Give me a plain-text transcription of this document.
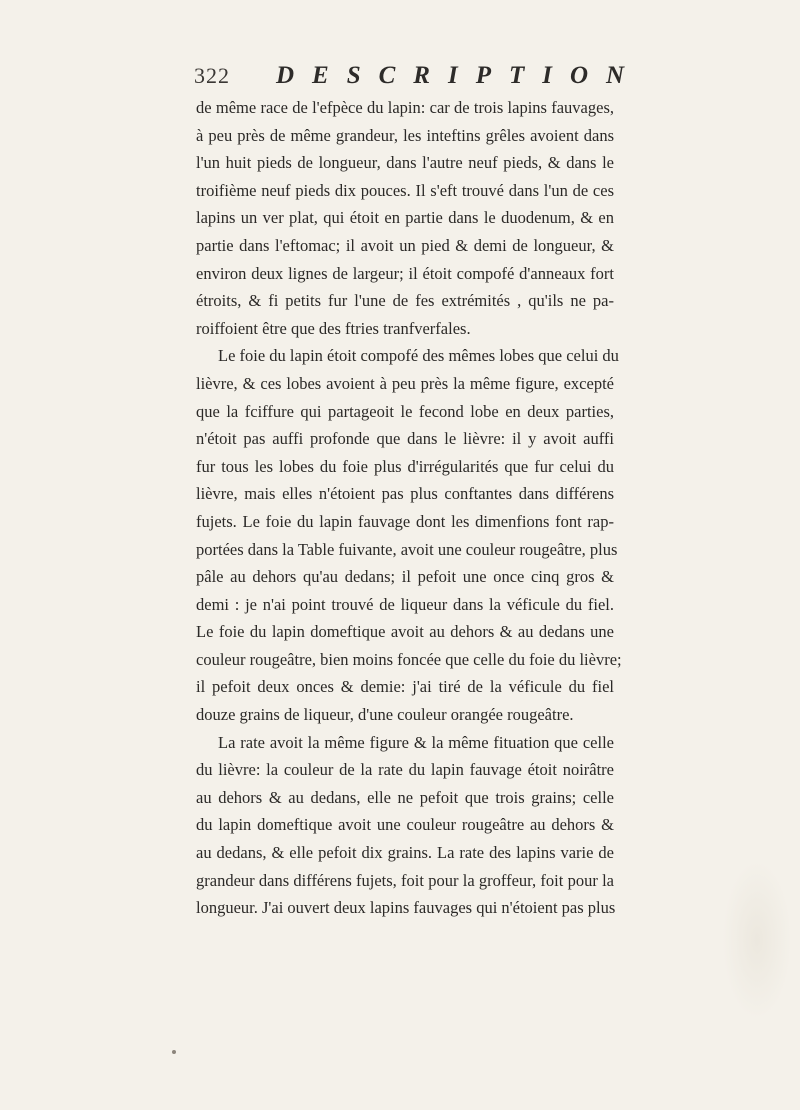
322 DESCRIPTION
de même race de l'efpèce du lapin: car de trois lapins fauvages,
à peu près de même grandeur, les inteftins grêles avoient dans
l'un huit pieds de longueur, dans l'autre neuf pieds, & dans le
troifième neuf pieds dix pouces. Il s'eft trouvé dans l'un de ces
lapins un ver plat, qui étoit en partie dans le duodenum, & en
partie dans l'eftomac; il avoit un pied & demi de longueur, &
environ deux lignes de largeur; il étoit compofé d'anneaux fort
étroits, & fi petits fur l'une de fes extrémités , qu'ils ne pa-
roiffoient être que des ftries tranfverfales.
Le foie du lapin étoit compofé des mêmes lobes que celui du
lièvre, & ces lobes avoient à peu près la même figure, excepté
que la fciffure qui partageoit le fecond lobe en deux parties,
n'étoit pas auffi profonde que dans le lièvre: il y avoit auffi
fur tous les lobes du foie plus d'irrégularités que fur celui du
lièvre, mais elles n'étoient pas plus conftantes dans différens
fujets. Le foie du lapin fauvage dont les dimenfions font rap-
portées dans la Table fuivante, avoit une couleur rougeâtre, plus
pâle au dehors qu'au dedans; il pefoit une once cinq gros &
demi : je n'ai point trouvé de liqueur dans la véficule du fiel.
Le foie du lapin domeftique avoit au dehors & au dedans une
couleur rougeâtre, bien moins foncée que celle du foie du lièvre;
il pefoit deux onces & demie: j'ai tiré de la véficule du fiel
douze grains de liqueur, d'une couleur orangée rougeâtre.
La rate avoit la même figure & la même fituation que celle
du lièvre: la couleur de la rate du lapin fauvage étoit noirâtre
au dehors & au dedans, elle ne pefoit que trois grains; celle
du lapin domeftique avoit une couleur rougeâtre au dehors &
au dedans, & elle pefoit dix grains. La rate des lapins varie de
grandeur dans différens fujets, foit pour la groffeur, foit pour la
longueur. J'ai ouvert deux lapins fauvages qui n'étoient pas plus
